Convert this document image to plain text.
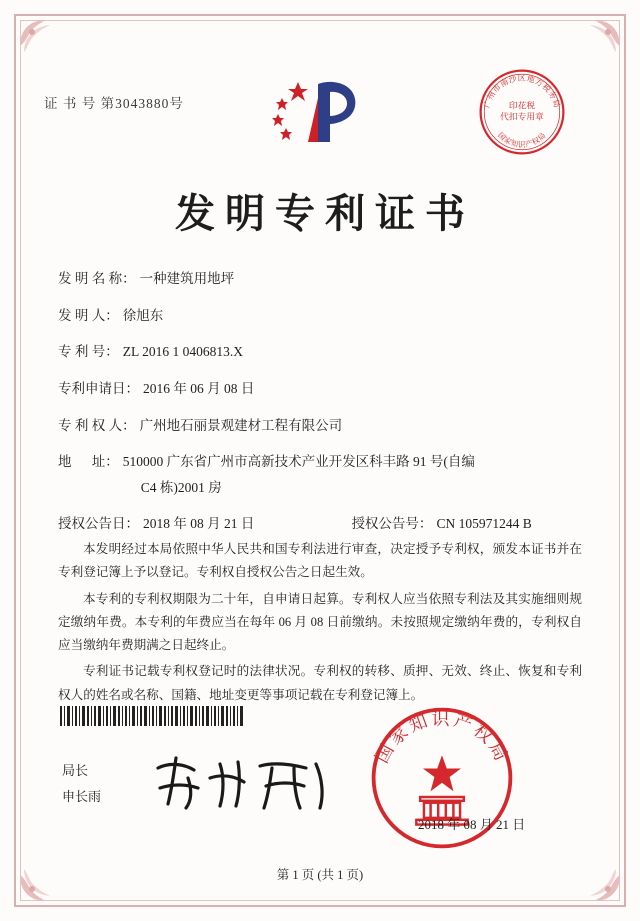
证 书 号 第3043880号	广州市南沙区地方税务局
国家知识产权局
印花税
代扣专用章
发明专利证书
发 明 名 称： 一种建筑用地坪
发 明 人： 徐旭东
专 利 号： ZL 2016 1 0406813.X
专利申请日： 2016 年 06 月 08 日
专 利 权 人： 广州地石丽景观建材工程有限公司
地      址： 510000 广东省广州市高新技术产业开发区科丰路 91 号(自编
C4 栋)2001 房
授权公告日： 2018 年 08 月 21 日	授权公告号： CN 105971244 B

本发明经过本局依照中华人民共和国专利法进行审查，决定授予专利权，颁发本证书并在专利登记簿上予以登记。专利权自授权公告之日起生效。

本专利的专利权期限为二十年，自申请日起算。专利权人应当依照专利法及其实施细则规定缴纳年费。本专利的年费应当在每年 06 月 08 日前缴纳。未按照规定缴纳年费的，专利权自应当缴纳年费期满之日起终止。

专利证书记载专利权登记时的法律状况。专利权的转移、质押、无效、终止、恢复和专利权人的姓名或名称、国籍、地址变更等事项记载在专利登记簿上。

国家知识产权局
局长
申长雨
2018 年 08 月 21 日
第 1 页 (共 1 页)
